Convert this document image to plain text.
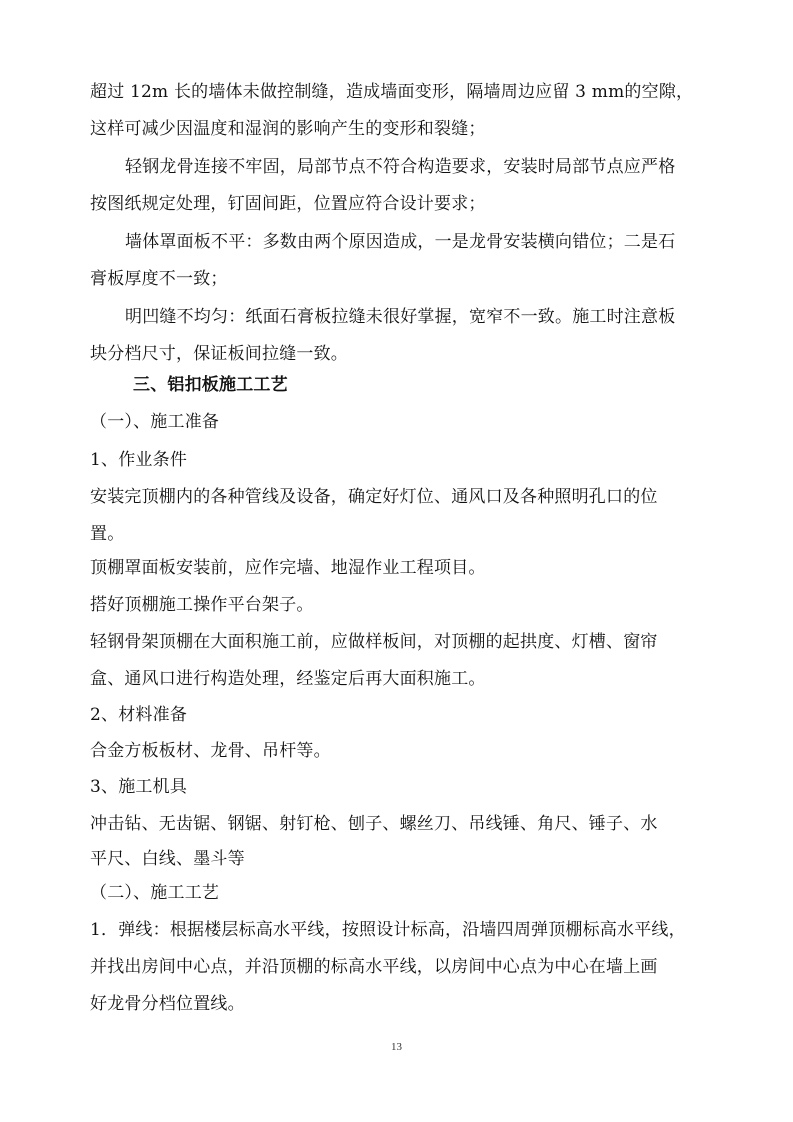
超过 12m 长的墙体未做控制缝，造成墙面变形，隔墙周边应留 3 mm的空隙，
这样可减少因温度和湿润的影响产生的变形和裂缝；
轻钢龙骨连接不牢固，局部节点不符合构造要求，安装时局部节点应严格
按图纸规定处理，钉固间距，位置应符合设计要求；
墙体罩面板不平：多数由两个原因造成，一是龙骨安装横向错位；二是石
膏板厚度不一致；
明凹缝不均匀：纸面石膏板拉缝未很好掌握，宽窄不一致。施工时注意板
块分档尺寸，保证板间拉缝一致。
三、铝扣板施工工艺
（一）、施工准备
1、作业条件
安装完顶棚内的各种管线及设备，确定好灯位、通风口及各种照明孔口的位
置。
顶棚罩面板安装前，应作完墙、地湿作业工程项目。
搭好顶棚施工操作平台架子。
轻钢骨架顶棚在大面积施工前，应做样板间，对顶棚的起拱度、灯槽、窗帘
盒、通风口进行构造处理，经鉴定后再大面积施工。
2、材料准备
合金方板板材、龙骨、吊杆等。
3、施工机具
冲击钻、无齿锯、钢锯、射钉枪、刨子、螺丝刀、吊线锤、角尺、锤子、水
平尺、白线、墨斗等
（二）、施工工艺
1．弹线：根据楼层标高水平线，按照设计标高，沿墙四周弹顶棚标高水平线，
并找出房间中心点，并沿顶棚的标高水平线，以房间中心点为中心在墙上画
好龙骨分档位置线。
13
